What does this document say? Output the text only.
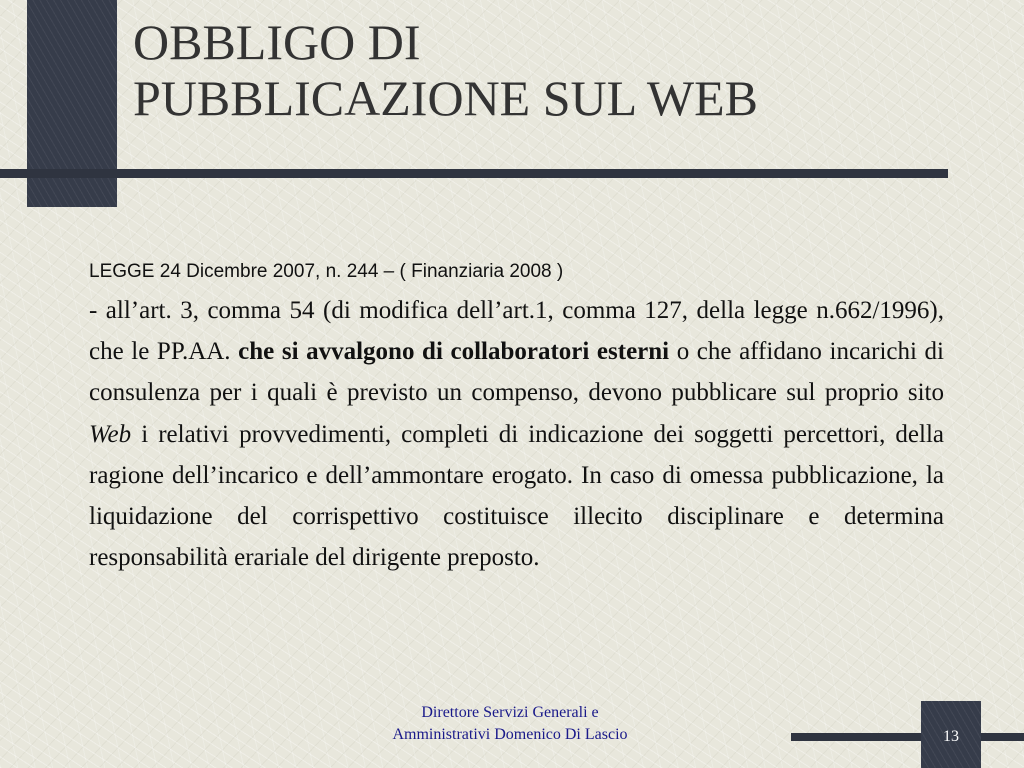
OBBLIGO DI
PUBBLICAZIONE SUL WEB
LEGGE 24 Dicembre 2007, n. 244 – ( Finanziaria 2008 )

- all’art. 3, comma 54 (di modifica dell’art.1, comma 127, della legge n.662/1996), che le PP.AA. che si avvalgono di collaboratori esterni o che affidano incarichi di consulenza per i quali è previsto un compenso, devono pubblicare sul proprio sito Web i relativi provvedimenti, completi di indicazione dei soggetti percettori, della ragione dell’incarico e dell’ammontare erogato. In caso di omessa pubblicazione, la liquidazione del corrispettivo costituisce illecito disciplinare e determina responsabilità erariale del dirigente preposto.

Direttore Servizi Generali e
Amministrativi Domenico Di Lascio	13
